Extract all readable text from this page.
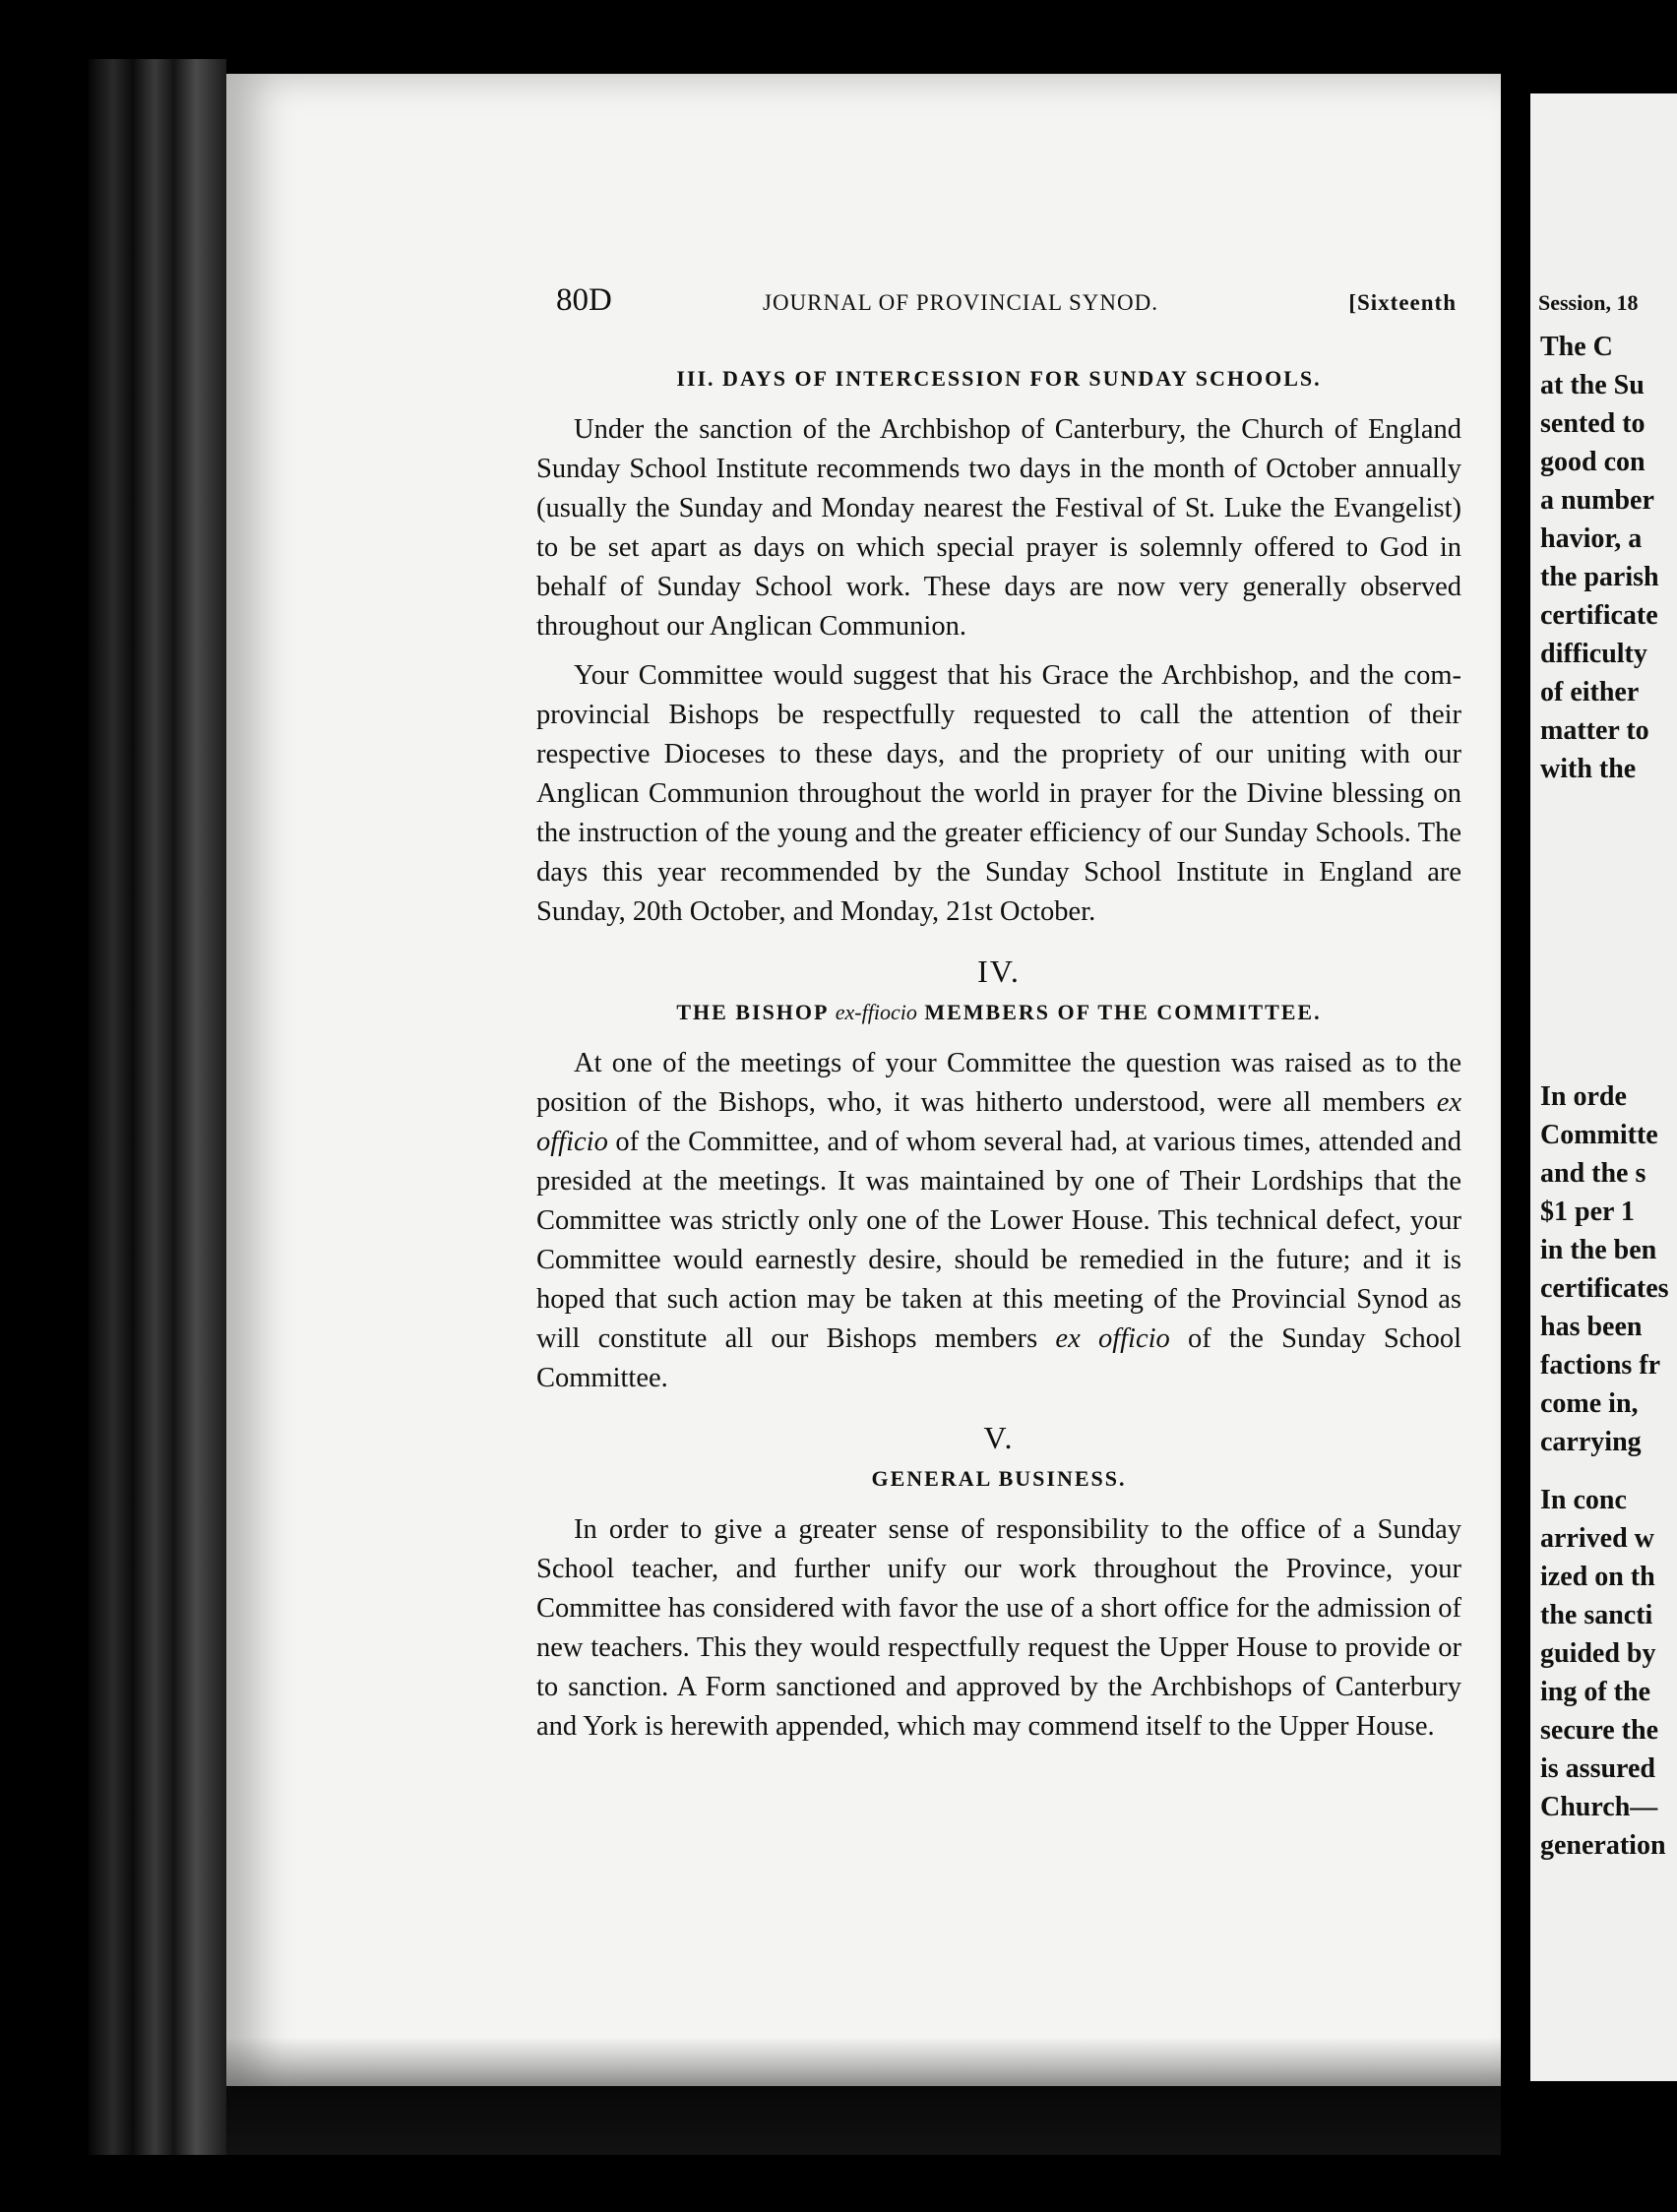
80D	JOURNAL OF PROVINCIAL SYNOD.	[Sixteenth
III. DAYS OF INTERCESSION FOR SUNDAY SCHOOLS.

Under the sanction of the Archbishop of Canterbury, the Church of England Sunday School Institute recommends two days in the month of October annually (usually the Sunday and Monday nearest the Festival of St. Luke the Evangelist) to be set apart as days on which special prayer is solemnly offered to God in behalf of Sunday School work. These days are now very generally observed throughout our Anglican Communion.

Your Committee would suggest that his Grace the Archbishop, and the com-provincial Bishops be respectfully requested to call the attention of their respective Dioceses to these days, and the propriety of our uniting with our Anglican Communion throughout the world in prayer for the Divine blessing on the instruction of the young and the greater efficiency of our Sunday Schools. The days this year recommended by the Sunday School Institute in England are Sunday, 20th October, and Monday, 21st October.

IV.
THE BISHOP ex-ffiocio MEMBERS OF THE COMMITTEE.

At one of the meetings of your Committee the question was raised as to the position of the Bishops, who, it was hitherto understood, were all members ex officio of the Committee, and of whom several had, at various times, attended and presided at the meetings. It was maintained by one of Their Lordships that the Committee was strictly only one of the Lower House. This technical defect, your Committee would earnestly desire, should be remedied in the future; and it is hoped that such action may be taken at this meeting of the Provincial Synod as will constitute all our Bishops members ex officio of the Sunday School Committee.

V.
GENERAL BUSINESS.

In order to give a greater sense of responsibility to the office of a Sunday School teacher, and further unify our work throughout the Province, your Committee has considered with favor the use of a short office for the admission of new teachers. This they would respectfully request the Upper House to provide or to sanction. A Form sanctioned and approved by the Archbishops of Canterbury and York is herewith appended, which may commend itself to the Upper House.

Session, 18
The C
at the Su
sented to
good con
a number
havior, a
the parish
certificate
difficulty
of either
matter to
with the
In orde
Committe
and the s
$1 per 1
in the ben
certificates
has been
factions fr
come in,
carrying
In conc
arrived w
ized on th
the sancti
guided by
ing of the
secure the
is assured
Church—
generation
